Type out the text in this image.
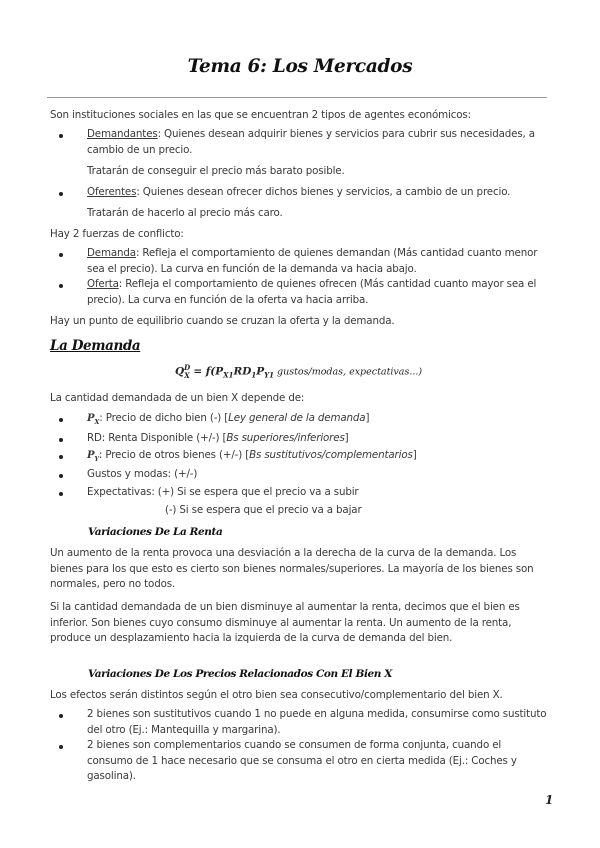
Tema 6: Los Mercados
Son instituciones sociales en las que se encuentran 2 tipos de agentes económicos:
Demandantes: Quienes desean adquirir bienes y servicios para cubrir sus necesidades, a cambio de un precio.
Tratarán de conseguir el precio más barato posible.
Oferentes: Quienes desean ofrecer dichos bienes y servicios, a cambio de un precio.
Tratarán de hacerlo al precio más caro.
Hay 2 fuerzas de conflicto:
Demanda: Refleja el comportamiento de quienes demandan (Más cantidad cuanto menor sea el precio). La curva en función de la demanda va hacia abajo.
Oferta: Refleja el comportamiento de quienes ofrecen (Más cantidad cuanto mayor sea el precio). La curva en función de la oferta va hacia arriba.
Hay un punto de equilibrio cuando se cruzan la oferta y la demanda.
La Demanda
$Q^D_X = f(P_{X1}RD_1P_{Y1}$ gustos/modas, expectativas...)
La cantidad demandada de un bien X depende de:
$P_X$: Precio de dicho bien (-) [Ley general de la demanda]
RD: Renta Disponible (+/-) [Bs superiores/inferiores]
$P_Y$: Precio de otros bienes (+/-) [Bs sustitutivos/complementarios]
Gustos y modas: (+/-)
Expectativas: (+) Si se espera que el precio va a subir
(-) Si se espera que el precio va a bajar
Variaciones De La Renta
Un aumento de la renta provoca una desviación a la derecha de la curva de la demanda. Los bienes para los que esto es cierto son bienes normales/superiores. La mayoría de los bienes son normales, pero no todos.
Si la cantidad demandada de un bien disminuye al aumentar la renta, decimos que el bien es inferior. Son bienes cuyo consumo disminuye al aumentar la renta. Un aumento de la renta, produce un desplazamiento hacia la izquierda de la curva de demanda del bien.
Variaciones De Los Precios Relacionados Con El Bien X
Los efectos serán distintos según el otro bien sea consecutivo/complementario del bien X.
2 bienes son sustitutivos cuando 1 no puede en alguna medida, consumirse como sustituto del otro (Ej.: Mantequilla y margarina).
2 bienes son complementarios cuando se consumen de forma conjunta, cuando el consumo de 1 hace necesario que se consuma el otro en cierta medida (Ej.: Coches y gasolina).
1
